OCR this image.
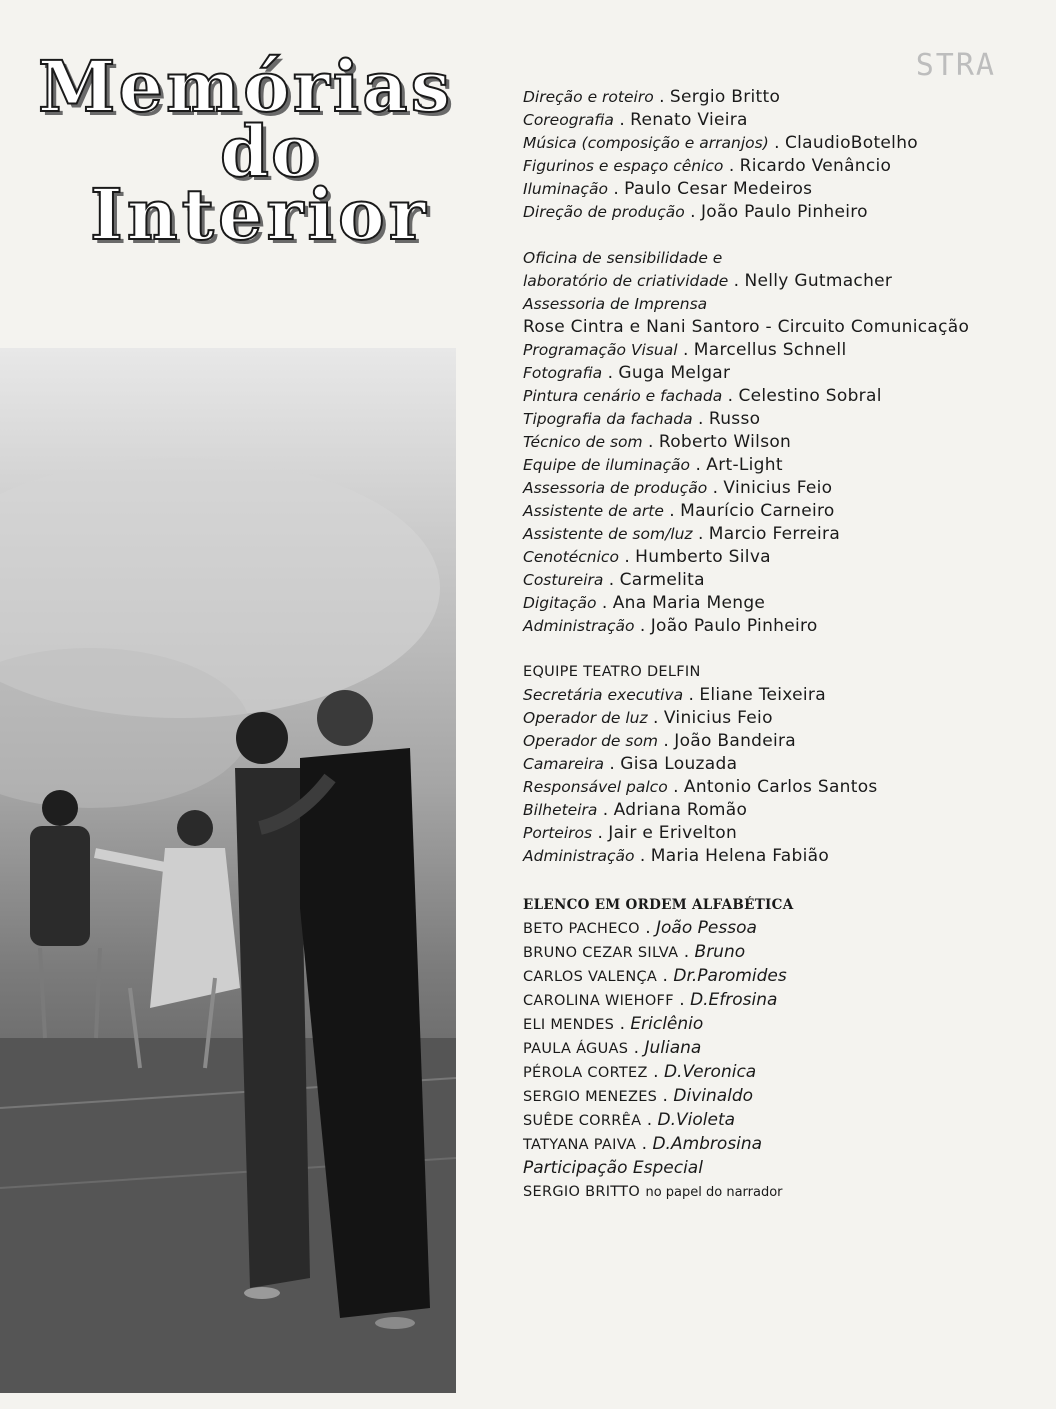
Memórias
do
Interior
STRA
Direção e roteiro . Sergio Britto
Coreografia . Renato Vieira
Música (composição e arranjos) . ClaudioBotelho
Figurinos e espaço cênico . Ricardo Venâncio
Iluminação . Paulo Cesar Medeiros
Direção de produção . João Paulo Pinheiro
Oficina de sensibilidade e
laboratório de criatividade . Nelly Gutmacher
Assessoria de Imprensa
Rose Cintra e Nani Santoro - Circuito Comunicação
Programação Visual . Marcellus Schnell
Fotografia . Guga Melgar
Pintura cenário e fachada . Celestino Sobral
Tipografia da fachada . Russo
Técnico de som . Roberto Wilson
Equipe de iluminação . Art-Light
Assessoria de produção . Vinicius Feio
Assistente de arte . Maurício Carneiro
Assistente de som/luz . Marcio Ferreira
Cenotécnico . Humberto Silva
Costureira . Carmelita
Digitação . Ana Maria Menge
Administração . João Paulo Pinheiro
EQUIPE TEATRO DELFIN
Secretária executiva . Eliane Teixeira
Operador de luz . Vinicius Feio
Operador de som . João Bandeira
Camareira . Gisa Louzada
Responsável palco . Antonio Carlos Santos
Bilheteira . Adriana Romão
Porteiros . Jair e Erivelton
Administração . Maria Helena Fabião
ELENCO EM ORDEM ALFABÉTICA
BETO PACHECO . João Pessoa
BRUNO CEZAR SILVA . Bruno
CARLOS VALENÇA . Dr.Paromides
CAROLINA WIEHOFF . D.Efrosina
ELI MENDES . Ericlênio
PAULA ÁGUAS . Juliana
PÉROLA CORTEZ . D.Veronica
SERGIO MENEZES . Divinaldo
SUÊDE CORRÊA . D.Violeta
TATYANA PAIVA . D.Ambrosina
Participação Especial
SERGIO BRITTO no papel do narrador
